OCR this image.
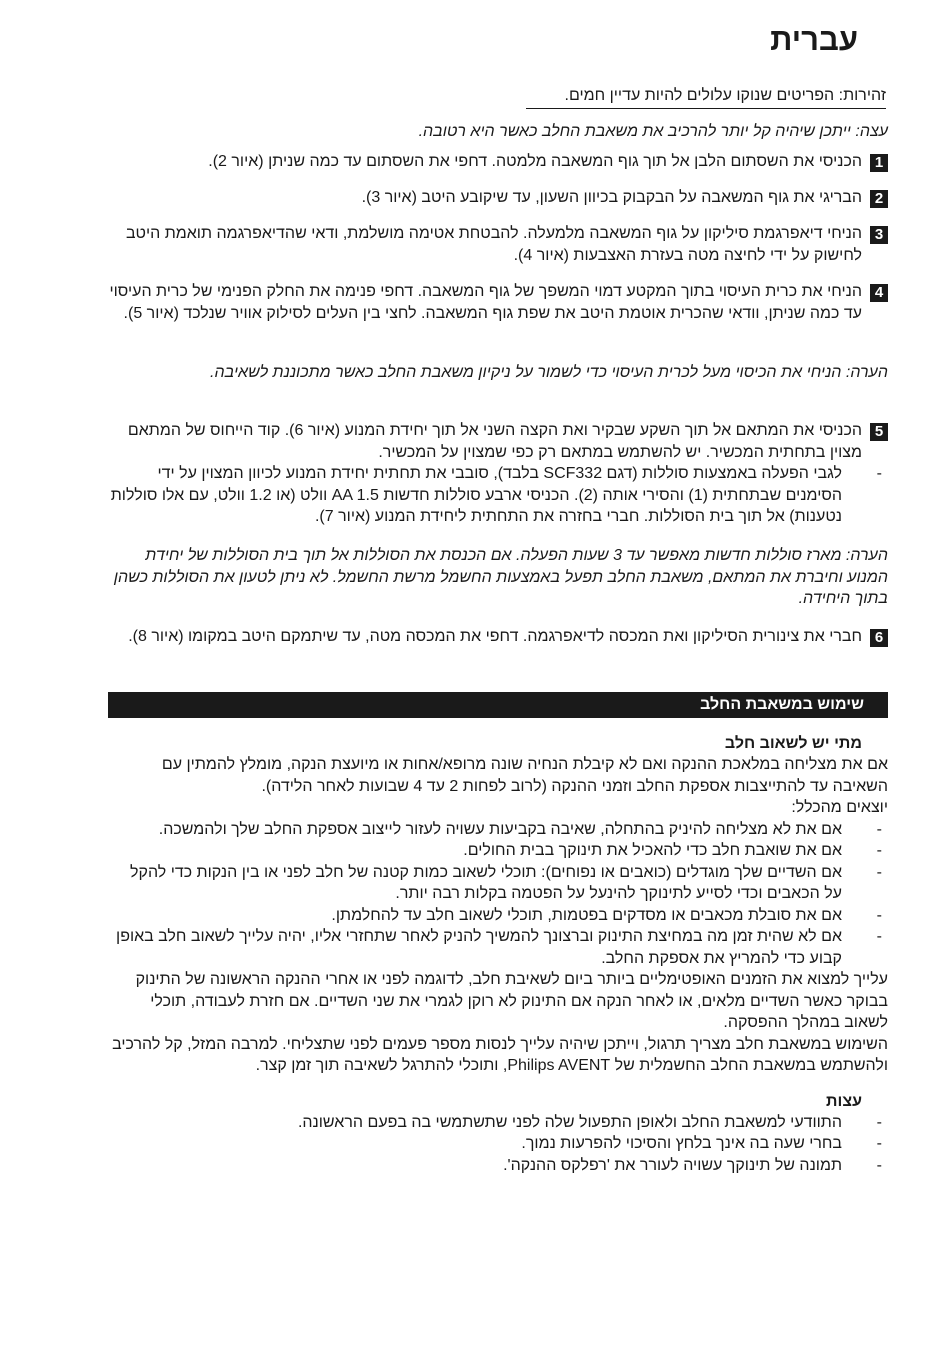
עברית

זהירות: הפריטים שנוקו עלולים להיות עדיין חמים.

עצה: ייתכן שיהיה קל יותר להרכיב את משאבת החלב כאשר היא רטובה.

1

הכניסי את השסתום הלבן אל תוך גוף המשאבה מלמטה. דחפי את השסתום עד כמה שניתן (איור 2).

2

הבריגי את גוף המשאבה על הבקבוק בכיוון השעון, עד שיקובע היטב (איור 3).

3

הניחי דיאפרגמת סיליקון על גוף המשאבה מלמעלה. להבטחת אטימה מושלמת, ודאי שהדיאפרגמה תואמת היטב לחישוק על ידי לחיצה מטה בעזרת האצבעות (איור 4).

4

הניחי את כרית העיסוי בתוך המקטע דמוי המשפך של גוף המשאבה. דחפי פנימה את החלק הפנימי של כרית העיסוי עד כמה שניתן, וודאי שהכרית אוטמת היטב את שפת גוף המשאבה. לחצי בין העלים לסילוק אוויר שנלכד (איור 5).

הערה: הניחי את הכיסוי מעל לכרית העיסוי כדי לשמור על ניקיון משאבת החלב כאשר מתכוננת לשאיבה.

5

הכניסי את המתאם אל תוך השקע שבקיר ואת הקצה השני אל תוך יחידת המנוע (איור 6). קוד הייחוס של המתאם מצוין בתחתית המכשיר. יש להשתמש במתאם רק כפי שמצוין על המכשיר.

-
לגבי הפעלה באמצעות סוללות (דגם SCF332 בלבד), סובבי את תחתית יחידת המנוע לכיוון המצוין על ידי הסימנים שבתחתית (1) והסירי אותה (2). הכניסי ארבע סוללות חדשות AA 1.5 וולט (או 1.2 וולט, עם אלו סוללות נטענות) אל תוך בית הסוללות. חברי בחזרה את התחתית ליחידת המנוע (איור 7).

הערה: מארז סוללות חדשות מאפשר עד 3 שעות הפעלה. אם הכנסת את הסוללות אל תוך בית הסוללות של יחידת המנוע וחיברת את המתאם, משאבת החלב תפעל באמצעות החשמל מרשת החשמל. לא ניתן לטעון את הסוללות כשהן בתוך היחידה.

6

חברי את צינורית הסיליקון ואת המכסה לדיאפרגמה. דחפי את המכסה מטה, עד שיתמקם היטב במקומו (איור 8).

שימוש במשאבת החלב

מתי יש לשאוב חלב

אם את מצליחה במלאכת ההנקה ואם לא קיבלת הנחיה שונה מרופא/אחות או מיועצת הנקה, מומלץ להמתין עם השאיבה עד להתייצבות אספקת החלב וזמני ההנקה (לרוב לפחות 2 עד 4 שבועות לאחר הלידה).

יוצאים מהכלל:

-
אם את לא מצליחה להיניק בהתחלה, שאיבה בקביעות עשויה לעזור לייצוב אספקת החלב שלך ולהמשכה.
-
אם את שואבת חלב כדי להאכיל את תינוקך בבית החולים.
-
אם השדיים שלך מוגדלים (כואבים או נפוחים): תוכלי לשאוב כמות קטנה של חלב לפני או בין הנקות כדי להקל על הכאבים וכדי לסייע לתינוקך להינעל על הפטמה בקלות רבה יותר.
-
אם את סובלת מכאבים או מסדקים בפטמות, תוכלי לשאוב חלב עד להחלמתן.
-
אם לא שהית זמן מה במחיצת התינוק וברצונך להמשיך להניק לאחר שתחזרי אליו, יהיה עלייך לשאוב חלב באופן קבוע כדי להמריץ את אספקת החלב.

עלייך למצוא את הזמנים האופטימליים ביותר ביום לשאיבת חלב, לדוגמה לפני או אחרי ההנקה הראשונה של התינוק בבוקר כאשר השדיים מלאים, או לאחר הנקה אם התינוק לא רוקן לגמרי את שני השדיים. אם חזרת לעבודה, תוכלי לשאוב במהלך ההפסקה.

השימוש במשאבת חלב מצריך תרגול, וייתכן שיהיה עלייך לנסות מספר פעמים לפני שתצליחי. למרבה המזל, קל להרכיב ולהשתמש במשאבת החלב החשמלית של Philips AVENT, ותוכלי להתרגל לשאיבה תוך זמן קצר.

עצות

-
התוודעי למשאבת החלב ולאופן התפעול שלה לפני שתשתמשי בה בפעם הראשונה.
-
בחרי שעה בה אינך בלחץ והסיכוי להפרעות נמוך.
-
תמונה של תינוקך עשויה לעורר את 'רפלקס ההנקה'.
